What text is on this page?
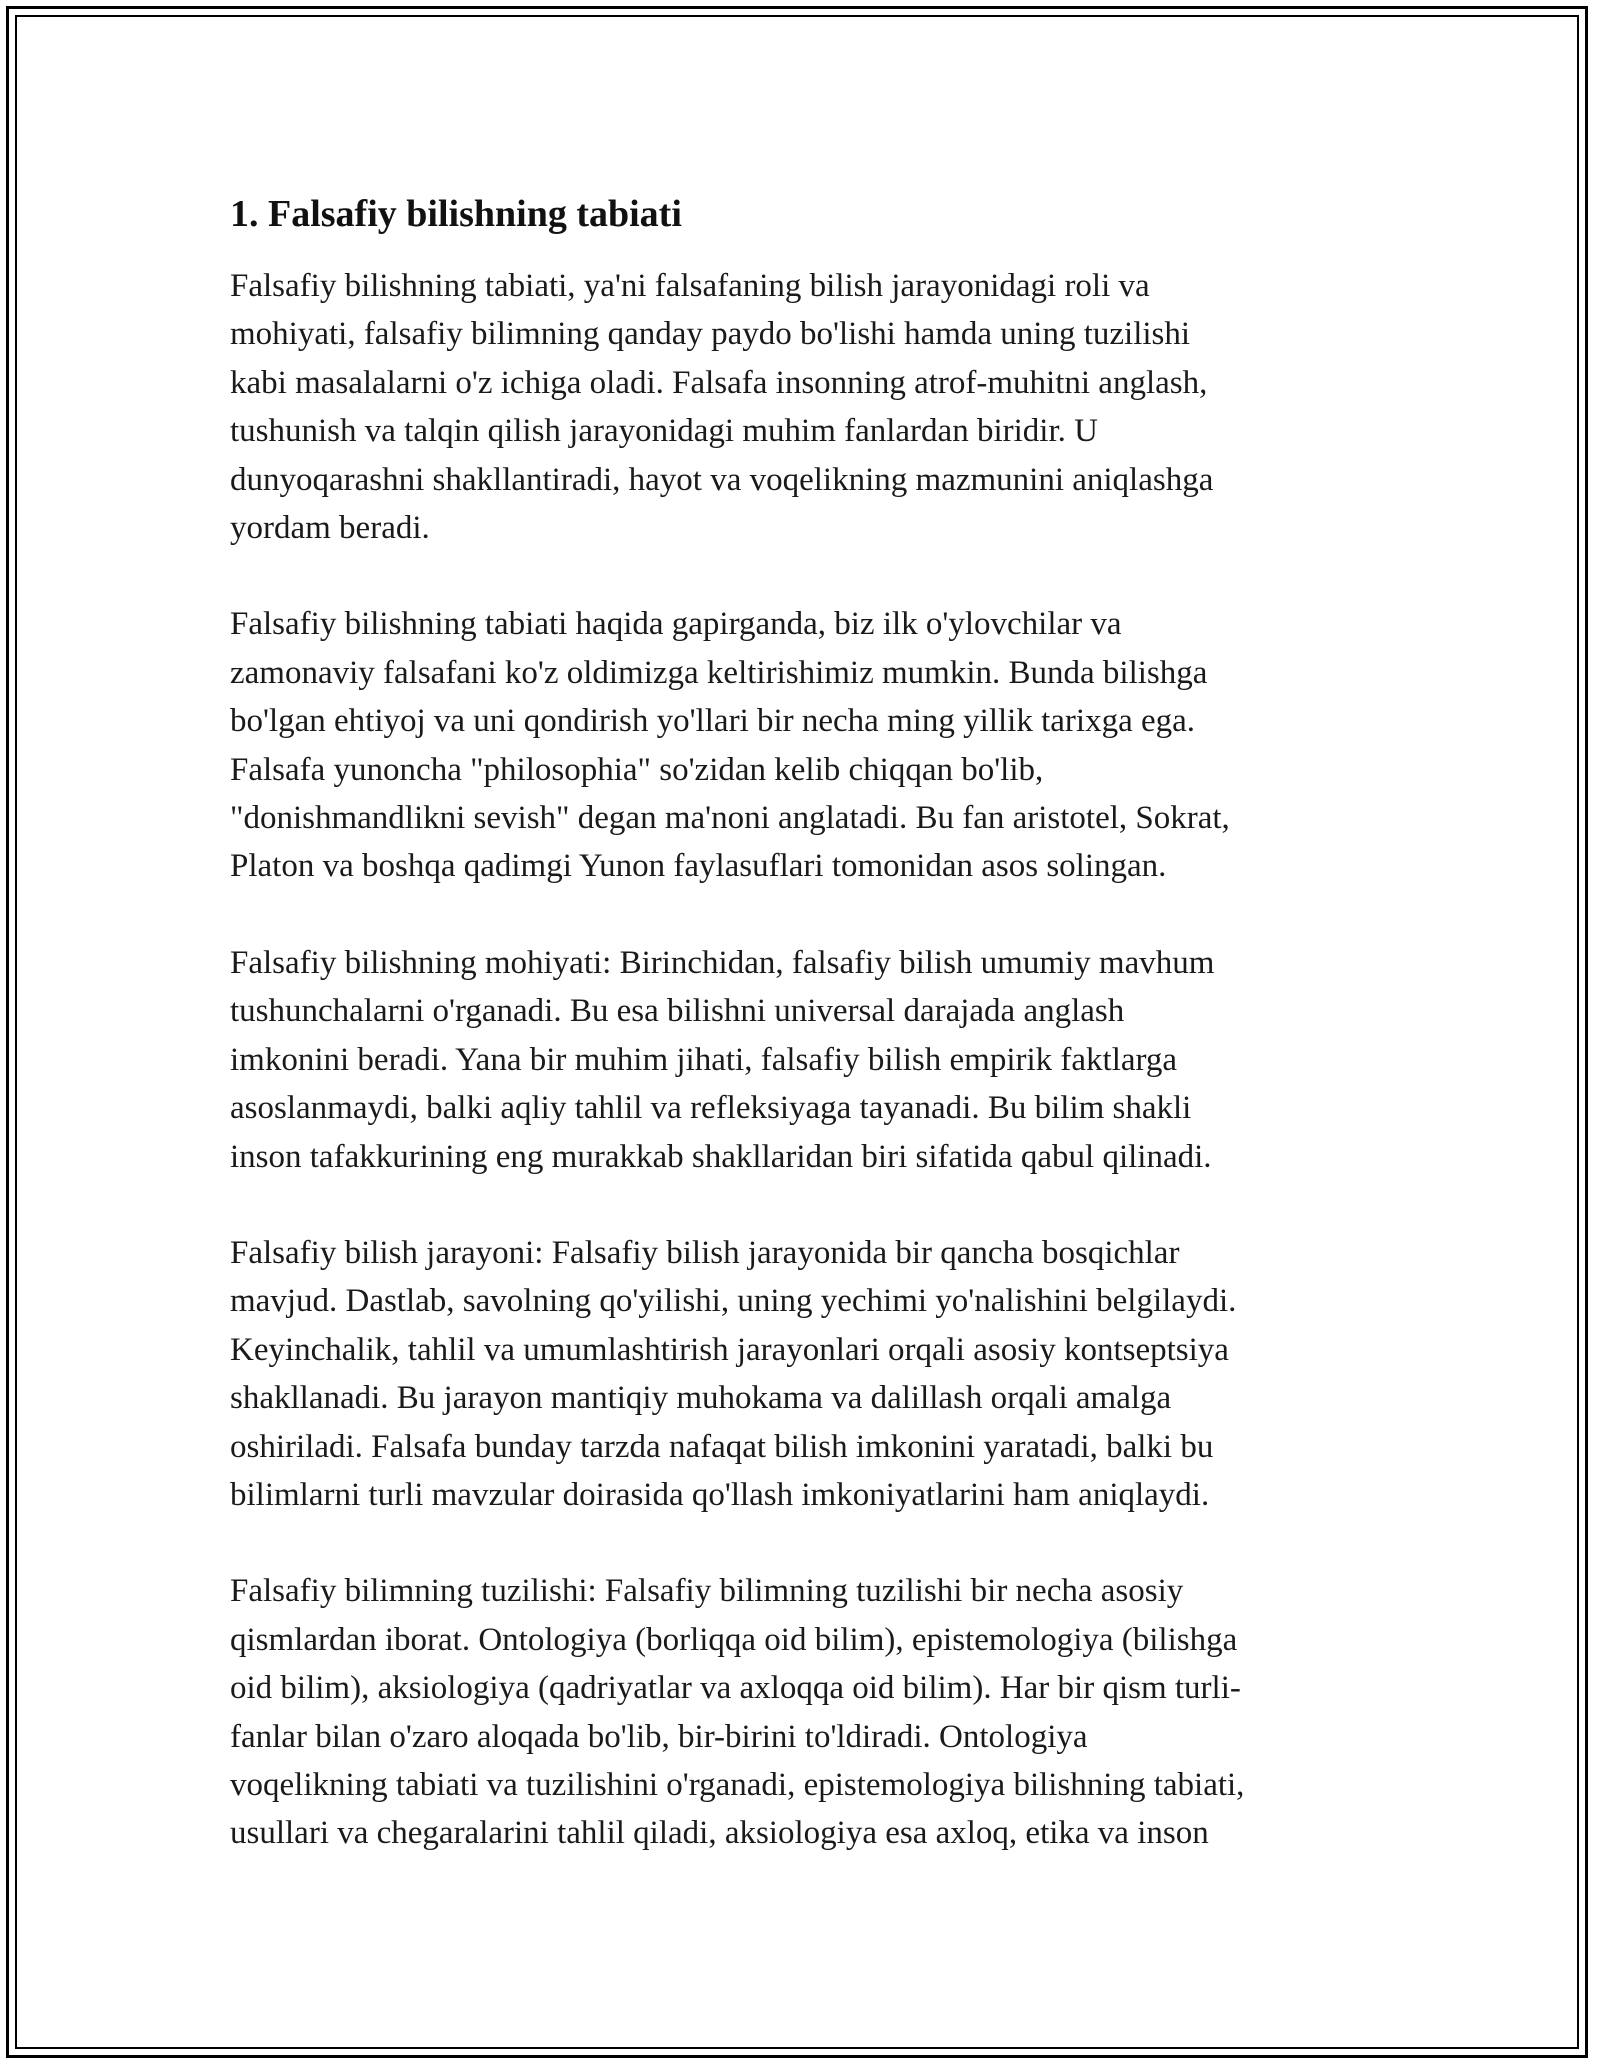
1. Falsafiy bilishning tabiati

Falsafiy bilishning tabiati, ya'ni falsafaning bilish jarayonidagi roli va
mohiyati, falsafiy bilimning qanday paydo bo'lishi hamda uning tuzilishi
kabi masalalarni o'z ichiga oladi. Falsafa insonning atrof-muhitni anglash,
tushunish va talqin qilish jarayonidagi muhim fanlardan biridir. U
dunyoqarashni shakllantiradi, hayot va voqelikning mazmunini aniqlashga
yordam beradi.

Falsafiy bilishning tabiati haqida gapirganda, biz ilk o'ylovchilar va
zamonaviy falsafani ko'z oldimizga keltirishimiz mumkin. Bunda bilishga
bo'lgan ehtiyoj va uni qondirish yo'llari bir necha ming yillik tarixga ega.
Falsafa yunoncha "philosophia" so'zidan kelib chiqqan bo'lib,
"donishmandlikni sevish" degan ma'noni anglatadi. Bu fan aristotel, Sokrat,
Platon va boshqa qadimgi Yunon faylasuflari tomonidan asos solingan.

Falsafiy bilishning mohiyati: Birinchidan, falsafiy bilish umumiy mavhum
tushunchalarni o'rganadi. Bu esa bilishni universal darajada anglash
imkonini beradi. Yana bir muhim jihati, falsafiy bilish empirik faktlarga
asoslanmaydi, balki aqliy tahlil va refleksiyaga tayanadi. Bu bilim shakli
inson tafakkurining eng murakkab shakllaridan biri sifatida qabul qilinadi.

Falsafiy bilish jarayoni: Falsafiy bilish jarayonida bir qancha bosqichlar
mavjud. Dastlab, savolning qo'yilishi, uning yechimi yo'nalishini belgilaydi.
Keyinchalik, tahlil va umumlashtirish jarayonlari orqali asosiy kontseptsiya
shakllanadi. Bu jarayon mantiqiy muhokama va dalillash orqali amalga
oshiriladi. Falsafa bunday tarzda nafaqat bilish imkonini yaratadi, balki bu
bilimlarni turli mavzular doirasida qo'llash imkoniyatlarini ham aniqlaydi.

Falsafiy bilimning tuzilishi: Falsafiy bilimning tuzilishi bir necha asosiy
qismlardan iborat. Ontologiya (borliqqa oid bilim), epistemologiya (bilishga
oid bilim), aksiologiya (qadriyatlar va axloqqa oid bilim). Har bir qism turli-
fanlar bilan o'zaro aloqada bo'lib, bir-birini to'ldiradi. Ontologiya
voqelikning tabiati va tuzilishini o'rganadi, epistemologiya bilishning tabiati,
usullari va chegaralarini tahlil qiladi, aksiologiya esa axloq, etika va inson
